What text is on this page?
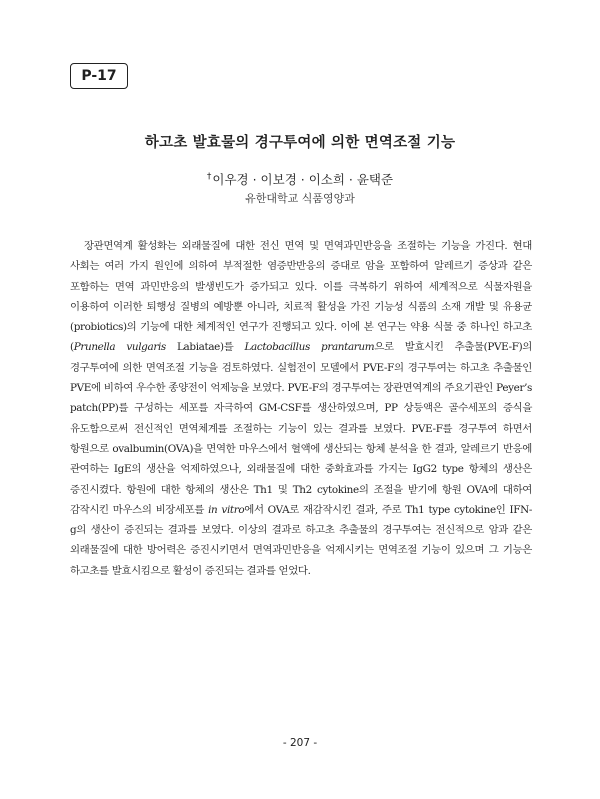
P-17
하고초 발효물의 경구투여에 의한 면역조절 기능
†이우경 · 이보경 · 이소희 · 윤택준
유한대학교 식품영양과

장관면역계 활성화는 외래물질에 대한 전신 면역 및 면역과민반응을 조절하는 기능을 가진다. 현대 사회는 여러 가지 원인에 의하여 부적절한 염증반반응의 증대로 암을 포함하여 알레르기 증상과 같은 포함하는 면역 과민반응의 발생빈도가 증가되고 있다. 이를 극복하기 위하여 세계적으로 식물자원을 이용하여 이러한 퇴행성 질병의 예방뿐 아니라, 치료적 활성을 가진 기능성 식품의 소재 개발 및 유용균 (probiotics)의 기능에 대한 체계적인 연구가 진행되고 있다. 이에 본 연구는 약용 식물 중 하나인 하고초 (Prunella vulgaris Labiatae)를 Lactobacillus prantarum으로 발효시킨 추출물(PVE-F)의 경구투여에 의한 면역조절 기능을 검토하였다. 실험전이 모델에서 PVE-F의 경구투여는 하고초 추출물인 PVE에 비하여 우수한 종양전이 억제능을 보였다. PVE-F의 경구투여는 장관면역계의 주요기관인 Peyer’s patch(PP)를 구성하는 세포를 자극하여 GM-CSF를 생산하였으며, PP 상등액은 골수세포의 증식을 유도함으로써 전신적인 면역체계를 조절하는 기능이 있는 결과를 보였다. PVE-F를 경구투여 하면서 항원으로 ovalbumin(OVA)을 면역한 마우스에서 혈액에 생산되는 항체 분석을 한 결과, 알레르기 반응에 관여하는 IgE의 생산을 억제하였으나, 외래물질에 대한 중화효과를 가지는 IgG2 type 항체의 생산은 증진시켰다. 항원에 대한 항체의 생산은 Th1 및 Th2 cytokine의 조절을 받기에 항원 OVA에 대하여 감작시킨 마우스의 비장세포를 in vitro에서 OVA로 재감작시킨 결과, 주로 Th1 type cytokine인 IFN-g의 생산이 증진되는 결과를 보였다. 이상의 결과로 하고초 추출물의 경구투여는 전신적으로 암과 같은 외래물질에 대한 방어력은 증진시키면서 면역과민반응을 억제시키는 면역조절 기능이 있으며 그 기능은 하고초를 발효시킴으로 활성이 증진되는 결과를 얻었다.

- 207 -
